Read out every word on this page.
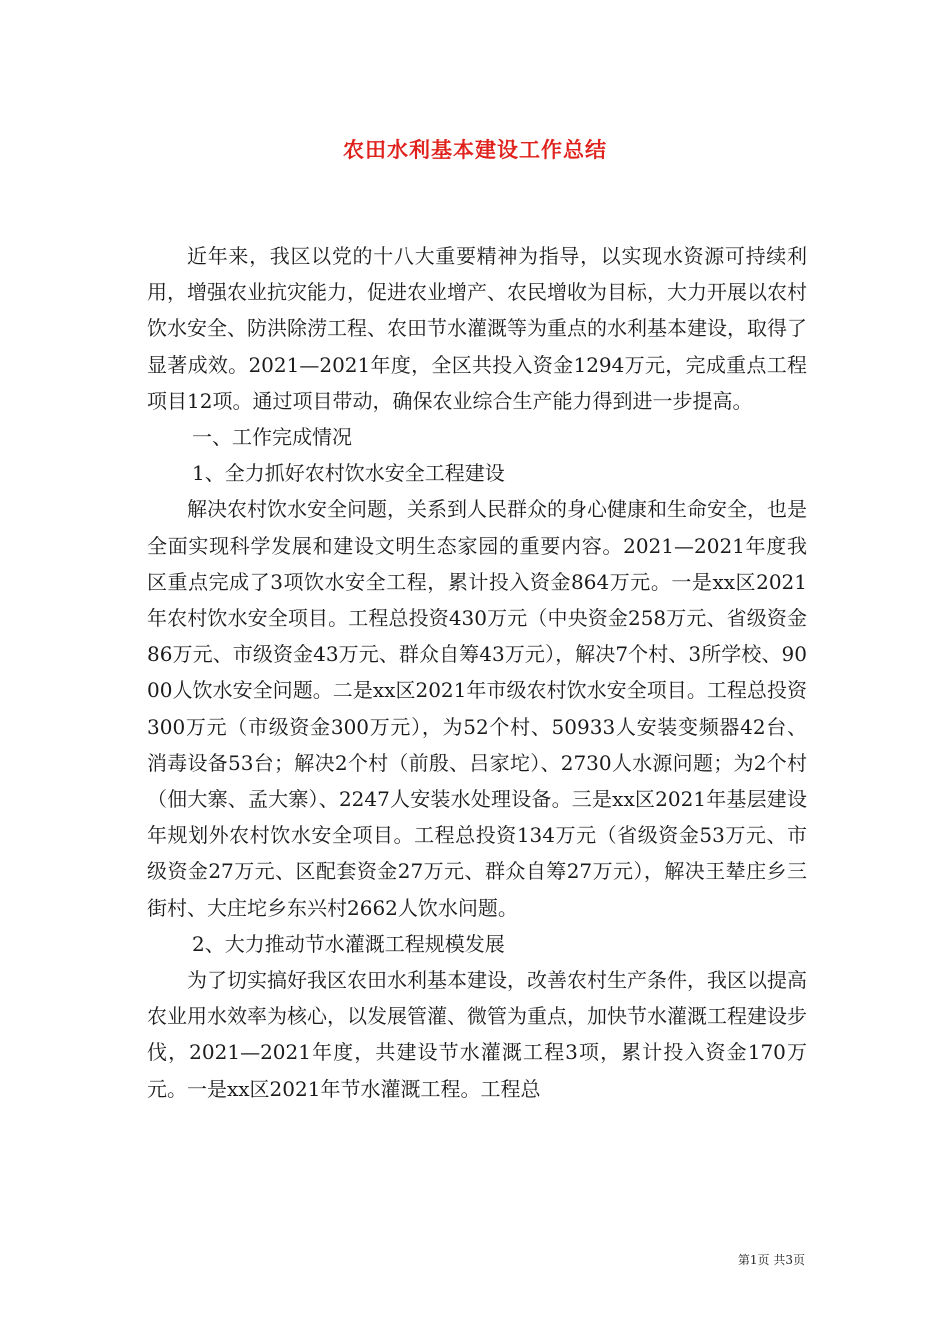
农田水利基本建设工作总结

近年来，我区以党的十八大重要精神为指导，以实现水资源可持续利用，增强农业抗灾能力，促进农业增产、农民增收为目标，大力开展以农村饮水安全、防洪除涝工程、农田节水灌溉等为重点的水利基本建设，取得了显著成效。2021—2021年度，全区共投入资金1294万元，完成重点工程项目12项。通过项目带动，确保农业综合生产能力得到进一步提高。

一、工作完成情况

1、全力抓好农村饮水安全工程建设

解决农村饮水安全问题，关系到人民群众的身心健康和生命安全，也是全面实现科学发展和建设文明生态家园的重要内容。2021—2021年度我区重点完成了3项饮水安全工程，累计投入资金864万元。一是xx区2021年农村饮水安全项目。工程总投资430万元（中央资金258万元、省级资金86万元、市级资金43万元、群众自筹43万元），解决7个村、3所学校、9000人饮水安全问题。二是xx区2021年市级农村饮水安全项目。工程总投资300万元（市级资金300万元），为52个村、50933人安装变频器42台、消毒设备53台；解决2个村（前殷、吕家坨）、2730人水源问题；为2个村（佃大寨、孟大寨）、2247人安装水处理设备。三是xx区2021年基层建设年规划外农村饮水安全项目。工程总投资134万元（省级资金53万元、市级资金27万元、区配套资金27万元、群众自筹27万元），解决王辇庄乡三街村、大庄坨乡东兴村2662人饮水问题。

2、大力推动节水灌溉工程规模发展

为了切实搞好我区农田水利基本建设，改善农村生产条件，我区以提高农业用水效率为核心，以发展管灌、微管为重点，加快节水灌溉工程建设步伐，2021—2021年度，共建设节水灌溉工程3项，累计投入资金170万元。一是xx区2021年节水灌溉工程。工程总

第1页 共3页
